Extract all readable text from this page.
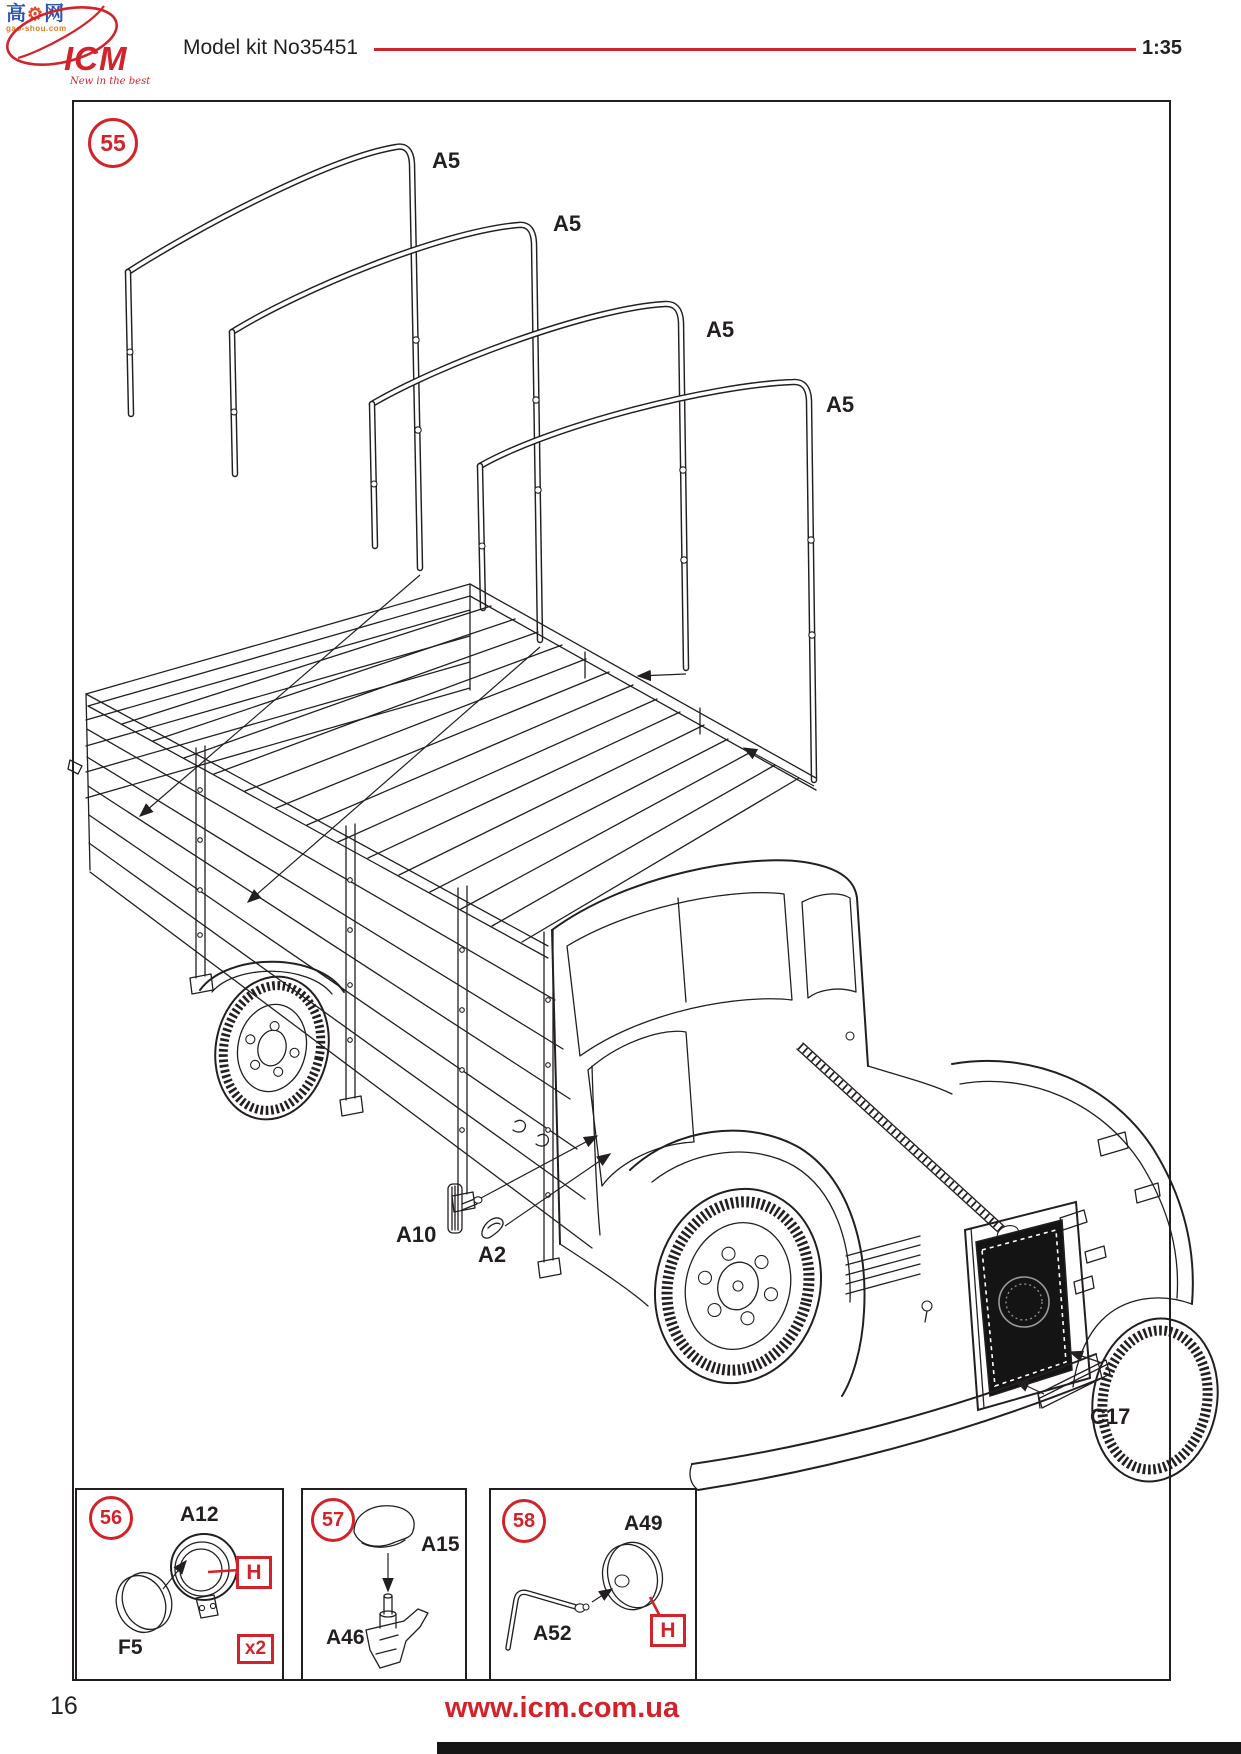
高⚙网
gao-shou.com
ICM
New in the best
Model kit No35451	1:35
55
A5
A5
A5
A5
A10
A2
C17
56	A12
F5
H
x2
57
A15
A46
58	A49
A52	H
16	www.icm.com.ua
